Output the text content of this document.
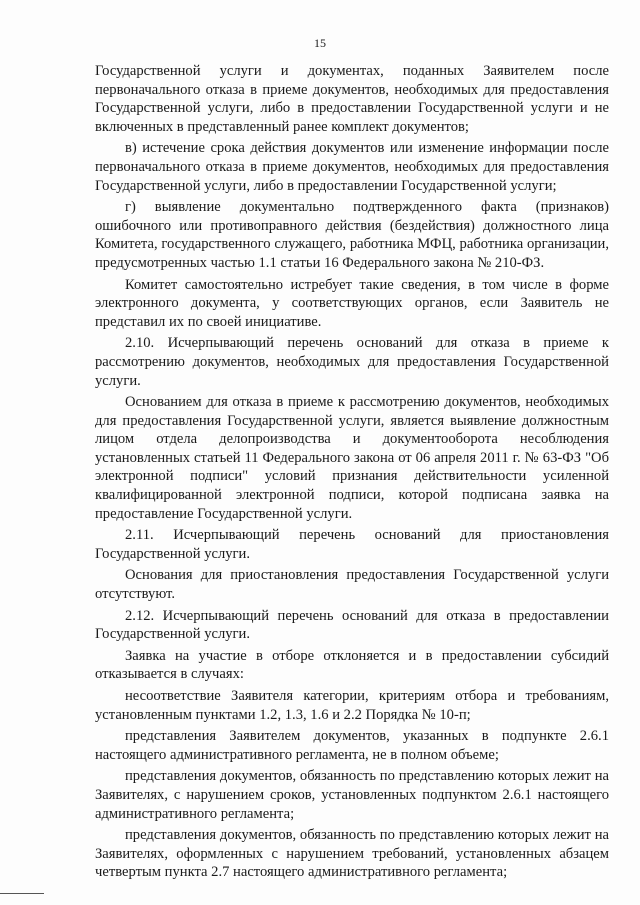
15

Государственной услуги и документах, поданных Заявителем после первоначального отказа в приеме документов, необходимых для предоставления Государственной услуги, либо в предоставлении Государственной услуги и не включенных в представленный ранее комплект документов;

в) истечение срока действия документов или изменение информации после первоначального отказа в приеме документов, необходимых для предоставления Государственной услуги, либо в предоставлении Государственной услуги;

г) выявление документально подтвержденного факта (признаков) ошибочного или противоправного действия (бездействия) должностного лица Комитета, государственного служащего, работника МФЦ, работника организации, предусмотренных частью 1.1 статьи 16 Федерального закона № 210-ФЗ.

Комитет самостоятельно истребует такие сведения, в том числе в форме электронного документа, у соответствующих органов, если Заявитель не представил их по своей инициативе.

2.10. Исчерпывающий перечень оснований для отказа в приеме к рассмотрению документов, необходимых для предоставления Государственной услуги.

Основанием для отказа в приеме к рассмотрению документов, необходимых для предоставления Государственной услуги, является выявление должностным лицом отдела делопроизводства и документооборота несоблюдения установленных статьей 11 Федерального закона от 06 апреля 2011 г. № 63-ФЗ "Об электронной подписи" условий признания действительности усиленной квалифицированной электронной подписи, которой подписана заявка на предоставление Государственной услуги.

2.11. Исчерпывающий перечень оснований для приостановления Государственной услуги.

Основания для приостановления предоставления Государственной услуги отсутствуют.

2.12. Исчерпывающий перечень оснований для отказа в предоставлении Государственной услуги.

Заявка на участие в отборе отклоняется и в предоставлении субсидий отказывается в случаях:

несоответствие Заявителя категории, критериям отбора и требованиям, установленным пунктами 1.2, 1.3, 1.6 и 2.2 Порядка № 10-п;

представления Заявителем документов, указанных в подпункте 2.6.1 настоящего административного регламента, не в полном объеме;

представления документов, обязанность по представлению которых лежит на Заявителях, с нарушением сроков, установленных подпунктом 2.6.1 настоящего административного регламента;

представления документов, обязанность по представлению которых лежит на Заявителях, оформленных с нарушением требований, установленных абзацем четвертым пункта 2.7 настоящего административного регламента;
